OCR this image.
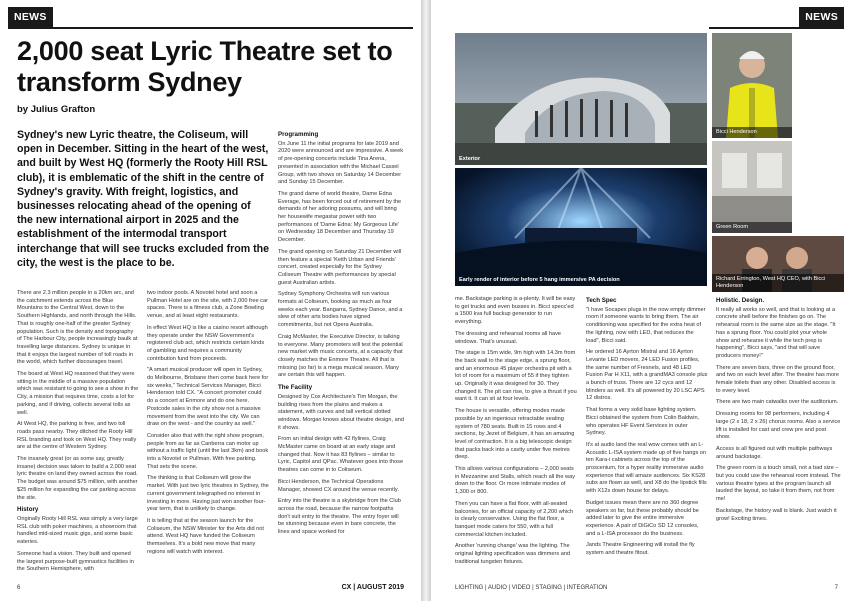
NEWS
2,000 seat Lyric Theatre set to transform Sydney
by Julius Grafton
Sydney's new Lyric theatre, the Coliseum, will open in December. Sitting in the heart of the west, and built by West HQ (formerly the Rooty Hill RSL club), it is emblematic of the shift in the centre of Sydney's gravity. With freight, logistics, and businesses relocating ahead of the opening of the new international airport in 2025 and the establishment of the intermodal transport interchange that will see trucks excluded from the city, the west is the place to be.

There are 2.3 million people in a 20km arc, and the catchment extends across the Blue Mountains to the Central West, down to the Southern Highlands, and north through the Hills. That is roughly one-half of the greater Sydney population. Such is the density and topography of The Harbour City, people increasingly baulk at travelling large distances. Sydney is unique in that it enjoys the largest number of toll roads in the world, which further discourages travel.

The board at West HQ reasoned that they were sitting in the middle of a massive population which was resistant to going to see a show in the City, a mission that requires time, costs a lot for parking, and if driving, collects several tolls as well.

At West HQ, the parking is free, and two toll roads pass nearby. They ditched the Rooty Hill RSL branding and took on West HQ. They really are at the centre of Western Sydney.

The insanely great (or as some say, greatly insane) decision was taken to build a 2,000 seat lyric theatre on land they owned across the road. The budget was around $75 million, with another $25 million for expanding the car parking across the site.

History

Originally Rooty Hill RSL was simply a very large RSL club with poker machines, a showroom that handled mid-sized music gigs, and some basic eateries.

Someone had a vision. They built and opened the largest purpose-built gymnastics facilities in the Southern Hemisphere, with

two indoor pools. A Novotel hotel and soon a Pullman Hotel are on the site, with 2,000 free car spaces. There is a fitness club, a Zone Bowling venue, and at least eight restaurants.

In effect West HQ is like a casino resort although they operate under the NSW Government's registered club act, which restricts certain kinds of gambling and requires a community contribution fund from proceeds.

"A smart musical producer will open in Sydney, do Melbourne, Brisbane then come back here for six weeks," Technical Services Manager, Bicci Henderson told CX. "A concert promoter could do a concert at Enmore and do one here. Postcode sales in the city show not a massive movement from the west into the city. We can draw on the west - and the country as well."

Consider also that with the right show program, people from as far as Canberra can motor up without a traffic light (until the last 3km) and book into a Novotel or Pullman. With free parking. That sets the scene.

The thinking is that Coliseum will grow the market. With just two lyric theatres in Sydney, the current government telegraphed no interest in investing in more. Having just won another four-year term, that is unlikely to change.

It is telling that at the season launch for the Coliseum, the NSW Minister for the Arts did not attend. West HQ have funded the Coliseum themselves. It's a bold new move that many regions will watch with interest.

Programming

On June 11 the initial programs for late 2019 and 2020 were announced and are impressive. A week of pre-opening concerts include Tina Arena, presented in association with the Michael Cassel Group, with two shows on Saturday 14 December and Sunday 15 December.

The grand dame of world theatre, Dame Edna Everage, has been forced out of retirement by the demands of her adoring possums, and will bring her housewife megastar power with two performances of 'Dame Edna: My Gorgeous Life' on Wednesday 18 December and Thursday 19 December.

The grand opening on Saturday 21 December will then feature a special 'Keith Urban and Friends' concert, created especially for the Sydney Coliseum Theatre with performances by special guest Australian artists.

Sydney Symphony Orchestra will run various formats at Coliseum, booking as much as four weeks each year. Bangarra, Sydney Dance, and a slew of other arts bodies have signed commitments, but not Opera Australia.

Craig McMaster, the Executive Director, is talking to everyone. Many promoters will test the potential new market with music concerts, at a capacity that closely matches the Enmore Theatre. All that is missing (so far) is a mega musical season. Many are certain this will happen.

The Facility

Designed by Cox Architecture's Tim Morgan, the building rises from the plains and makes a statement, with curves and tall vertical slotted windows. Morgan knows about theatre design, and it shows.

From an initial design with 42 flylines, Craig McMaster came on board at an early stage and changed that. Now it has 83 flylines – similar to Lyric, Capitol and QPac. Whatever goes into those theatres can come in to Coliseum.

Bicci Henderson, the Technical Operations Manager, showed CX around the venue recently.

Entry into the theatre is a skybridge from the Club across the road, because the narrow footpaths don't suit entry to the theatre. The entry foyer will be stunning because even in bare concrete, the lines and space worked for

6	CX | AUGUST 2019
NEWS
Exterior
Bicci Henderson
Green Room
Early render of interior before 5 hang immersive PA decision	Richard Errington, West HQ CEO, with Bicci Henderson

me. Backstage parking is a-plenty. It will be easy to get trucks and even busses in. Bicci specc'ed a 1500 kva full backup generator to run everything.

The dressing and rehearsal rooms all have windows. That's unusual.

The stage is 15m wide, 9m high with 14.3m from the back wall to the stage edge, a sprung floor, and an enormous 45 player orchestra pit with a lot of room for a maximum of 55 if they tighten up. Originally it was designed for 30. They changed it. The pit can rise, to give a thrust if you want it. It can sit at four levels.

The house is versatile, offering modes made possible by an ingenious retractable seating system of 780 seats. Built in 15 rows and 4 sections, by Jezet of Belgium, it has an amazing level of contraction. It is a big telescopic design that packs back into a cavity under five metres deep.

This allows various configurations – 2,000 seats in Mezzanine and Stalls, which reach all the way down to the floor. Or more intimate modes of 1,300 or 800.

Then you can have a flat floor, with all-seated balconies, for an official capacity of 2,200 which is clearly conservative. Using the flat floor, a banquet mode caters for 550, with a full commercial kitchen included.

Another 'running change' was the lighting. The original lighting specification was dimmers and traditional tungsten fixtures.

Tech Spec

"I have Socapex plugs in the now empty dimmer room if someone wants to bring them. The air conditioning was specified for the extra heat of the lighting, now with LED, that reduces the load", Bicci said.

He ordered 16 Ayrton Mistral and 16 Ayrton Levante LED movers, 24 LED Fusion profiles, the same number of Fresnels, and 48 LED Fusion Par H X11, with a grandMA3 console plus a bunch of truss. There are 12 cycs and 12 blinders as well. It's all powered by 20 LSC APS 12 distros.

That forms a very solid base lighting system. Bicci obtained the system from Colin Baldwin, who operates HF Event Services in outer Sydney.

It's at audio land the real wow comes with an L-Acoustic L-ISA system made up of five hangs on ten Kara-i cabinets across the top of the proscenium, for a hyper reality immersive audio experience that will amaze audiences. Six KS28 subs are flown as well, and X8 do the lipstick fills with X12s down house for delays.

Budget issues mean there are no 360 degree speakers so far, but these probably should be added later to give the entire immersive experience. A pair of DiGiCo SD 12 consoles, and a L-ISA processor do the business.

Jands Theatre Engineering will install the fly system and theatre fitout.

Holistic. Design.

It really all works so well, and that is looking at a concrete shell before the finishes go on. The rehearsal room is the same size as the stage. "It has a sprung floor. You could plot your whole show and rehearse it while the tech prep is happening", Bicci says, "and that will save producers money!"

There are seven bars, three on the ground floor, and two on each level after. The theatre has more female toilets than any other. Disabled access is to every level.

There are two main catwalks over the auditorium.

Dressing rooms for 98 performers, including 4 large (2 x 18, 2 x 26) chorus rooms. Also a service lift is installed for cast and crew pre and post show.

Access is all figured out with multiple pathways around backstage.

The green room is a touch small, not a bad size – but you could use the rehearsal room instead. The various theatre types at the program launch all lauded the layout, so take it from them, not from me!

Backstage, the history wall is blank. Just watch it grow! Exciting times.

LIGHTING | AUDIO | VIDEO | STAGING | INTEGRATION	7
